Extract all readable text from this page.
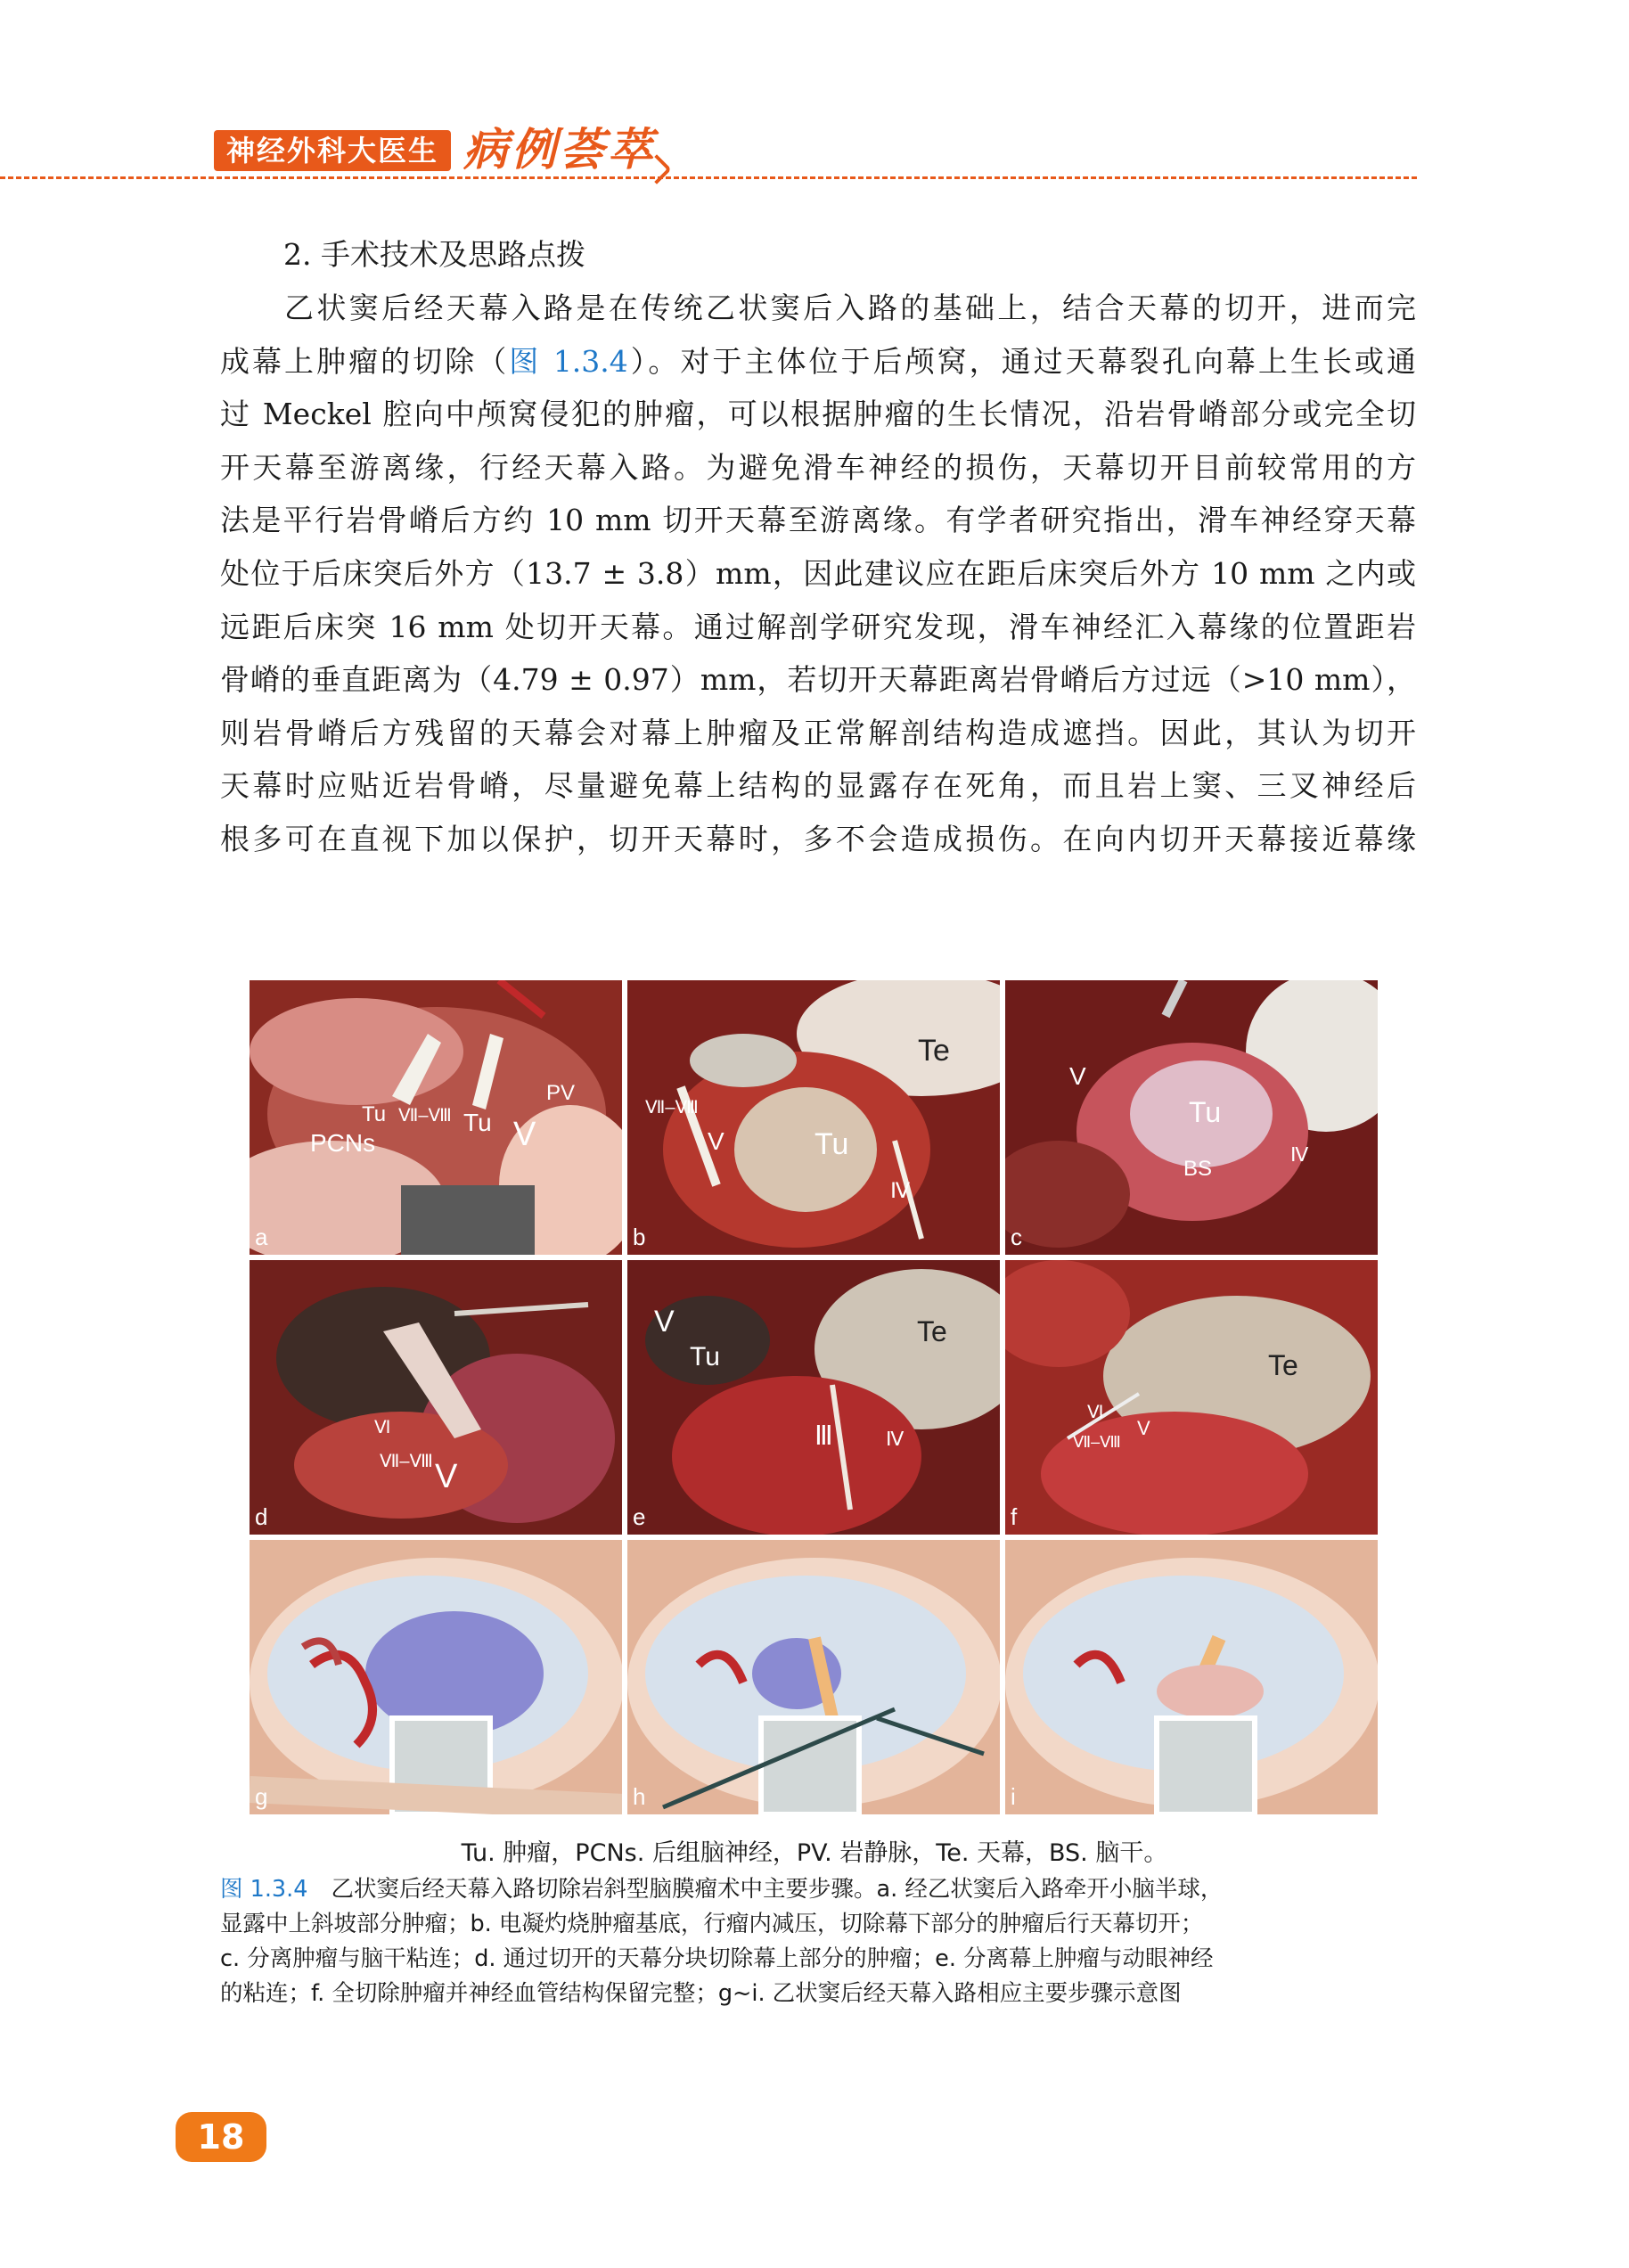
神经外科大医生 病例荟萃
2. 手术技术及思路点拨
乙状窦后经天幕入路是在传统乙状窦后入路的基础上，结合天幕的切开，进而完
成幕上肿瘤的切除（图 1.3.4）。对于主体位于后颅窝，通过天幕裂孔向幕上生长或通
过 Meckel 腔向中颅窝侵犯的肿瘤，可以根据肿瘤的生长情况，沿岩骨嵴部分或完全切
开天幕至游离缘，行经天幕入路。为避免滑车神经的损伤，天幕切开目前较常用的方
法是平行岩骨嵴后方约 10 mm 切开天幕至游离缘。有学者研究指出，滑车神经穿天幕
处位于后床突后外方（13.7 ± 3.8）mm，因此建议应在距后床突后外方 10 mm 之内或
远距后床突 16 mm 处切开天幕。通过解剖学研究发现，滑车神经汇入幕缘的位置距岩
骨嵴的垂直距离为（4.79 ± 0.97）mm，若切开天幕距离岩骨嵴后方过远（>10 mm），
则岩骨嵴后方残留的天幕会对幕上肿瘤及正常解剖结构造成遮挡。因此，其认为切开
天幕时应贴近岩骨嵴，尽量避免幕上结构的显露存在死角，而且岩上窦、三叉神经后
根多可在直视下加以保护，切开天幕时，多不会造成损伤。在向内切开天幕接近幕缘
PCNs
Tu Ⅶ–Ⅷ Tu
PV
V
a
Te
Ⅶ–Ⅷ
V	Tu
Ⅳ
b
V
Tu
BS
Ⅳ
c
Ⅵ
Ⅶ–Ⅷ V
d
V
Tu
Te
Ⅲ	Ⅳ
e
Te
Ⅵ
V
Ⅶ–Ⅷ
f
g	h	i
Tu. 肿瘤，PCNs. 后组脑神经，PV. 岩静脉，Te. 天幕，BS. 脑干。
图 1.3.4 乙状窦后经天幕入路切除岩斜型脑膜瘤术中主要步骤。a. 经乙状窦后入路牵开小脑半球，
显露中上斜坡部分肿瘤；b. 电凝灼烧肿瘤基底，行瘤内减压，切除幕下部分的肿瘤后行天幕切开；
c. 分离肿瘤与脑干粘连；d. 通过切开的天幕分块切除幕上部分的肿瘤；e. 分离幕上肿瘤与动眼神经
的粘连；f. 全切除肿瘤并神经血管结构保留完整；g~i. 乙状窦后经天幕入路相应主要步骤示意图
18
